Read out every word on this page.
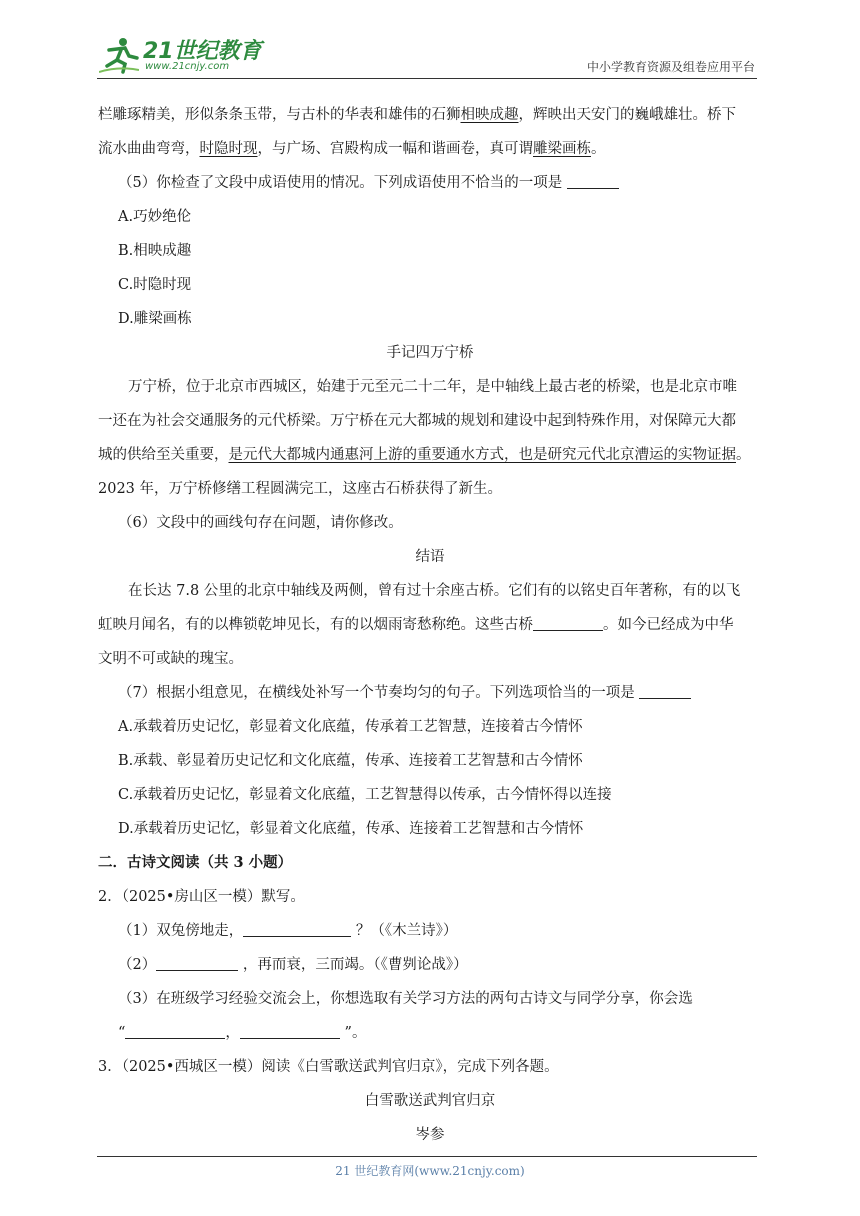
21世纪教育
www.21cnjy.com	中小学教育资源及组卷应用平台

栏雕琢精美，形似条条玉带，与古朴的华表和雄伟的石狮相映成趣，辉映出天安门的巍峨雄壮。桥下

流水曲曲弯弯，时隐时现，与广场、宫殿构成一幅和谐画卷，真可谓雕梁画栋。

（5）你检查了文段中成语使用的情况。下列成语使用不恰当的一项是

A.巧妙绝伦

B.相映成趣

C.时隐时现

D.雕梁画栋

手记四万宁桥

万宁桥，位于北京市西城区，始建于元至元二十二年，是中轴线上最古老的桥梁，也是北京市唯

一还在为社会交通服务的元代桥梁。万宁桥在元大都城的规划和建设中起到特殊作用，对保障元大都

城的供给至关重要，是元代大都城内通惠河上游的重要通水方式，也是研究元代北京漕运的实物证据。

2023 年，万宁桥修缮工程圆满完工，这座古石桥获得了新生。

（6）文段中的画线句存在问题，请你修改。

结语

在长达 7.8 公里的北京中轴线及两侧，曾有过十余座古桥。它们有的以铭史百年著称，有的以飞

虹映月闻名，有的以榫锁乾坤见长，有的以烟雨寄愁称绝。这些古桥	。如今已经成为中华

文明不可或缺的瑰宝。

（7）根据小组意见，在横线处补写一个节奏均匀的句子。下列选项恰当的一项是

A.承载着历史记忆，彰显着文化底蕴，传承着工艺智慧，连接着古今情怀

B.承载、彰显着历史记忆和文化底蕴，传承、连接着工艺智慧和古今情怀

C.承载着历史记忆，彰显着文化底蕴，工艺智慧得以传承，古今情怀得以连接

D.承载着历史记忆，彰显着文化底蕴，传承、连接着工艺智慧和古今情怀

二．古诗文阅读（共 3 小题）

2．（2025•房山区一模）默写。

（1）双兔傍地走，	？（《木兰诗》）

（2）	，再而衰，三而竭。（《曹刿论战》）

（3）在班级学习经验交流会上，你想选取有关学习方法的两句古诗文与同学分享，你会选

“	，	”。

3．（2025•西城区一模）阅读《白雪歌送武判官归京》，完成下列各题。

白雪歌送武判官归京

岑参

21 世纪教育网(www.21cnjy.com)
